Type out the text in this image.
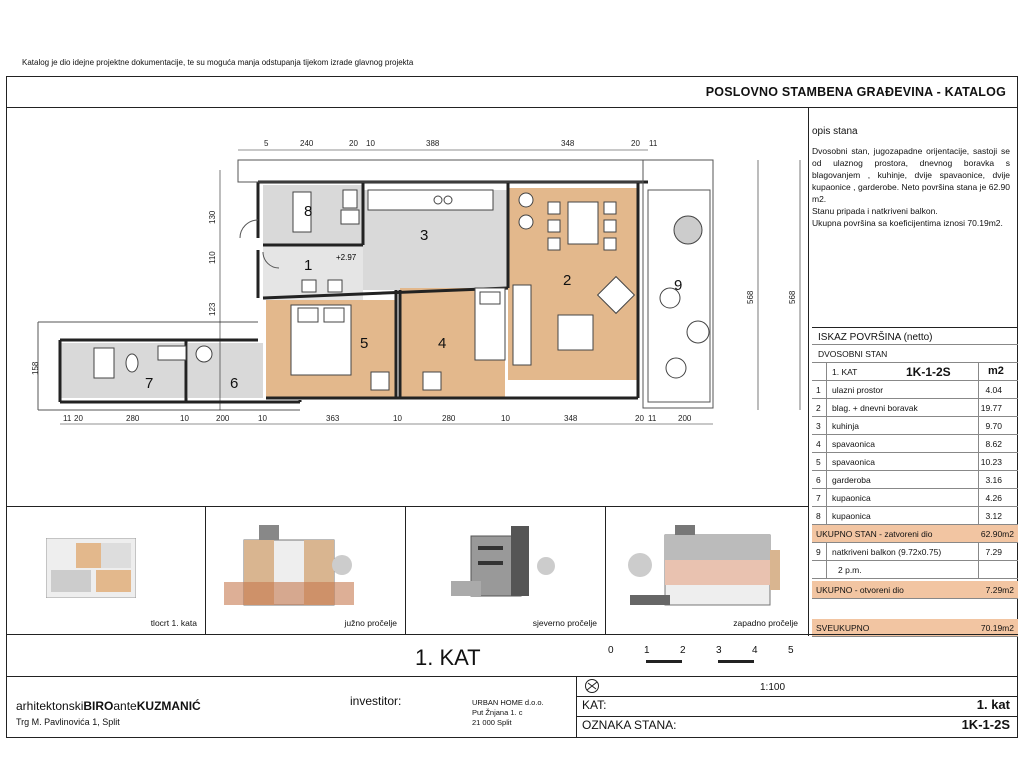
Katalog je dio idejne projektne dokumentacije, te su moguća manja odstupanja tijekom izrade glavnog projekta
POSLOVNO STAMBENA GRAĐEVINA - KATALOG
8
3
1
2
5	4
7	6
9
+2.97
5	240	20 10	388	348	20 11
11 20	280	10	200	10	363	10	280	10	348	20 11	200
568	568
130
110
123
158
opis stana
Dvosobni stan, jugozapadne orijentacije, sastoji se od ulaznog prostora, dnevnog boravka s blagovanjem , kuhinje, dvije spavaonice, dvije kupaonice , garderobe. Neto površina stana je 62.90 m2.
Stanu pripada i natkriveni balkon.
Ukupna površina sa koeficijentima iznosi 70.19m2.
ISKAZ POVRŠINA (netto)
DVOSOBNI STAN
1. KAT	1K-1-2S	m2
1 ulazni prostor	4.04
2 blag. + dnevni boravak	19.77
3 kuhinja	9.70
4 spavaonica	8.62
5 spavaonica	10.23
6 garderoba	3.16
7 kupaonica	4.26
8 kupaonica	3.12
UKUPNO STAN - zatvoreni dio	62.90m2
9 natkriveni balkon (9.72x0.75)	7.29
2 p.m.
UKUPNO - otvoreni dio	7.29m2
SVEUKUPNO	70.19m2
tlocrt 1. kata	južno pročelje	sjeverno pročelje	zapadno pročelje
1. KAT	0	1	2	3	4	5
1:100
arhitektonskiBIROanteKUZMANIĆ
Trg M. Pavlinovića 1, Split
investitor:	URBAN HOME d.o.o.
Put Žnjana 1. c
21 000 Split
KAT:	1. kat
OZNAKA STANA:	1K-1-2S
